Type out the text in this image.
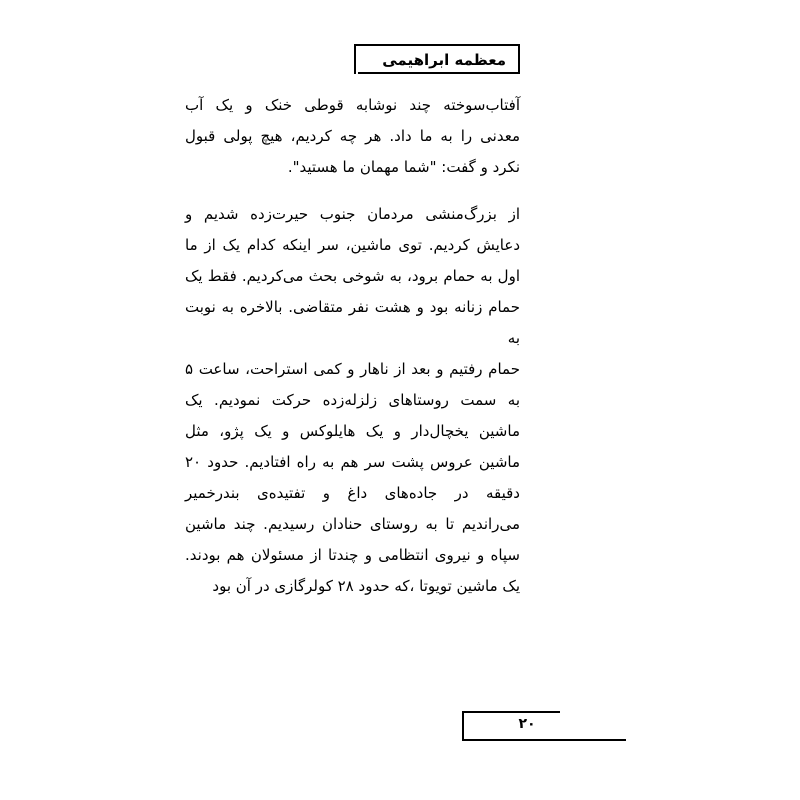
معظمه ابراهیمی
آفتاب‌سوخته چند نوشابه قوطی خنک و یک آب
معدنی را به ما داد. هر چه کردیم، هیچ پولی قبول
نکرد و گفت: "شما مهمان ما هستید".
از بزرگ‌منشی مردمان جنوب حیرت‌زده شدیم و
دعایش کردیم. توی ماشین، سر اینکه کدام یک از ما
اول به حمام برود، به شوخی بحث می‌کردیم. فقط یک
حمام زنانه بود و هشت نفر متقاضی. بالاخره به نوبت به
حمام رفتیم و بعد از ناهار و کمی استراحت، ساعت ۵
به سمت روستاهای زلزله‌زده حرکت نمودیم. یک
ماشین یخچال‌دار و یک هایلوکس و یک پژو، مثل
ماشین عروس پشت سر هم به راه افتادیم. حدود ۲۰
دقیقه در جاده‌های داغ و تفتیده‌ی بندرخمیر
می‌راندیم تا به روستای حنادان رسیدیم. چند ماشین
سپاه و نیروی انتظامی و چندتا از مسئولان هم بودند.
یک ماشین تویوتا ،که حدود ۲۸ کولرگازی در آن بود
۲۰
